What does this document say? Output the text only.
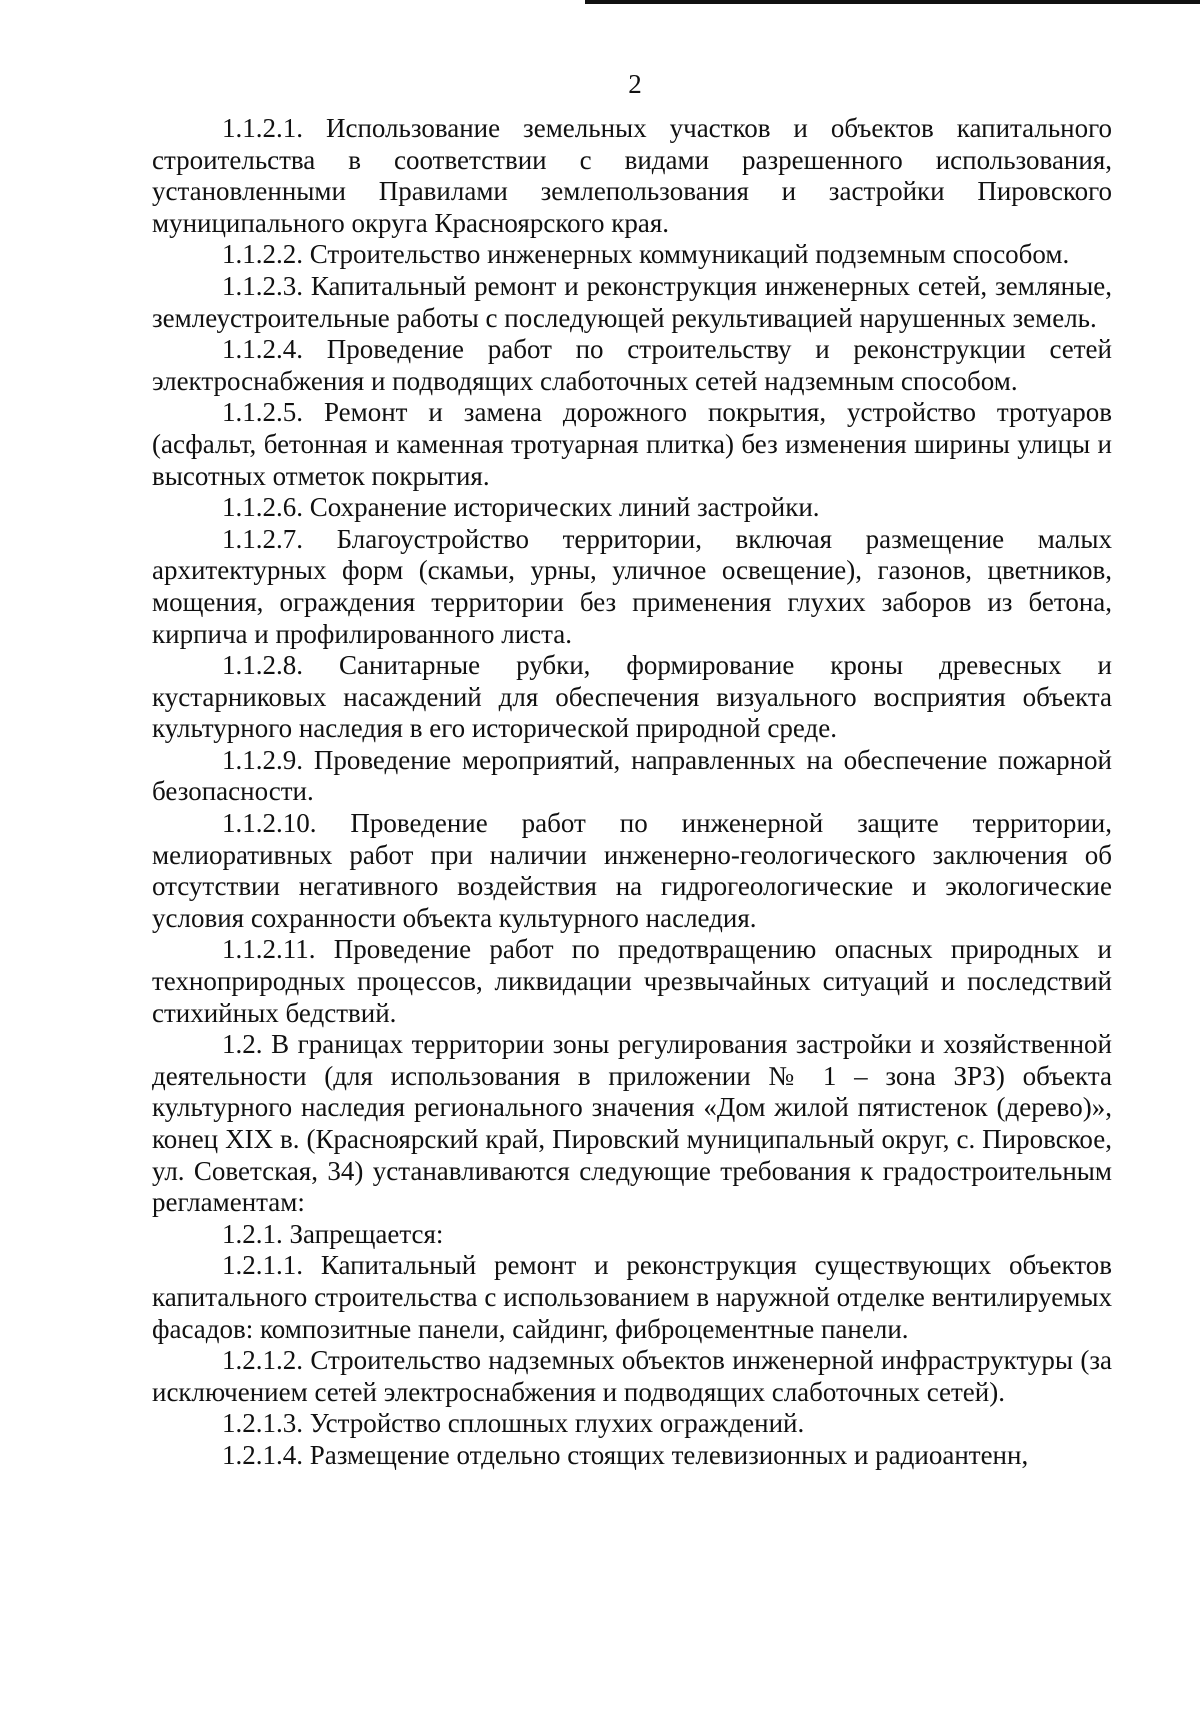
2

1.1.2.1. Использование земельных участков и объектов капитального строительства в соответствии с видами разрешенного использования, установленными Правилами землепользования и застройки Пировского муниципального округа Красноярского края.

1.1.2.2. Строительство инженерных коммуникаций подземным способом.

1.1.2.3. Капитальный ремонт и реконструкция инженерных сетей, земляные, землеустроительные работы с последующей рекультивацией нарушенных земель.

1.1.2.4. Проведение работ по строительству и реконструкции сетей электроснабжения и подводящих слаботочных сетей надземным способом.

1.1.2.5. Ремонт и замена дорожного покрытия, устройство тротуаров (асфальт, бетонная и каменная тротуарная плитка) без изменения ширины улицы и высотных отметок покрытия.

1.1.2.6. Сохранение исторических линий застройки.

1.1.2.7. Благоустройство территории, включая размещение малых архитектурных форм (скамьи, урны, уличное освещение), газонов, цветников, мощения, ограждения территории без применения глухих заборов из бетона, кирпича и профилированного листа.

1.1.2.8. Санитарные рубки, формирование кроны древесных и кустарниковых насаждений для обеспечения визуального восприятия объекта культурного наследия в его исторической природной среде.

1.1.2.9. Проведение мероприятий, направленных на обеспечение пожарной безопасности.

1.1.2.10. Проведение работ по инженерной защите территории, мелиоративных работ при наличии инженерно-геологического заключения об отсутствии негативного воздействия на гидрогеологические и экологические условия сохранности объекта культурного наследия.

1.1.2.11. Проведение работ по предотвращению опасных природных и техноприродных процессов, ликвидации чрезвычайных ситуаций и последствий стихийных бедствий.

1.2. В границах территории зоны регулирования застройки и хозяйственной деятельности (для использования в приложении № 1 – зона ЗРЗ) объекта культурного наследия регионального значения «Дом жилой пятистенок (дерево)», конец XIX в. (Красноярский край, Пировский муниципальный округ, с. Пировское, ул. Советская, 34) устанавливаются следующие требования к градостроительным регламентам:

1.2.1. Запрещается:

1.2.1.1. Капитальный ремонт и реконструкция существующих объектов капитального строительства с использованием в наружной отделке вентилируемых фасадов: композитные панели, сайдинг, фиброцементные панели.

1.2.1.2. Строительство надземных объектов инженерной инфраструктуры (за исключением сетей электроснабжения и подводящих слаботочных сетей).

1.2.1.3. Устройство сплошных глухих ограждений.

1.2.1.4. Размещение отдельно стоящих телевизионных и радиоантенн,
